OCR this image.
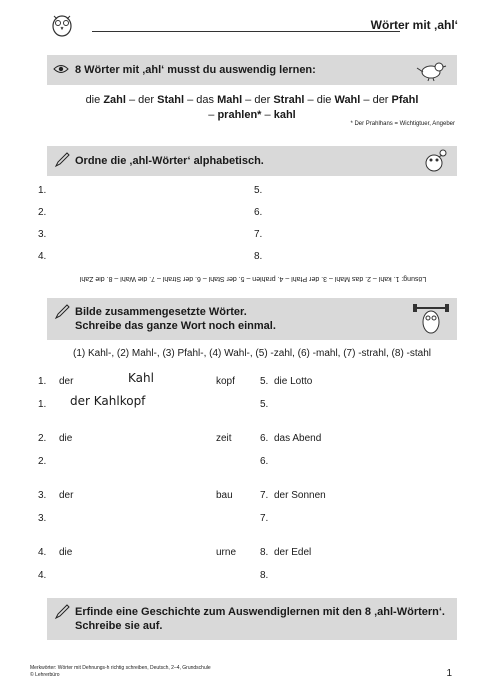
Wörter mit ‚ahl‘
8 Wörter mit ‚ahl‘ musst du auswendig lernen:
die Zahl – der Stahl – das Mahl – der Strahl – die Wahl – der Pfahl
– prahlen* – kahl
* Der Prahlhans = Wichtigtuer, Angeber
Ordne die ‚ahl-Wörter‘ alphabetisch.
1.
2.
3.
4.
5.
6.
7.
8.
Lösung: 1. kahl – 2. das Mahl – 3. der Pfahl – 4. prahlen – 5. der Stahl – 6. der Strahl – 7. die Wahl – 8. die Zahl
Bilde zusammengesetzte Wörter.
Schreibe das ganze Wort noch einmal.
(1) Kahl-, (2) Mahl-, (3) Pfahl-, (4) Wahl-, (5) -zahl, (6) -mahl, (7) -strahl, (8) -stahl
1. der	Kahl	kopf
1. der Kahlkopf
2. die	zeit
2.
3. der	bau
3.
4. die	urne
4.
5. die Lotto
5.
6. das Abend
6.
7. der Sonnen
7.
8. der Edel
8.
Erfinde eine Geschichte zum Auswendiglernen mit den 8 ‚ahl-Wörtern‘.
Schreibe sie auf.
Merkwörter: Wörter mit Dehnungs-h richtig schreiben, Deutsch, 2–4, Grundschule
© Lehrerbüro	1
